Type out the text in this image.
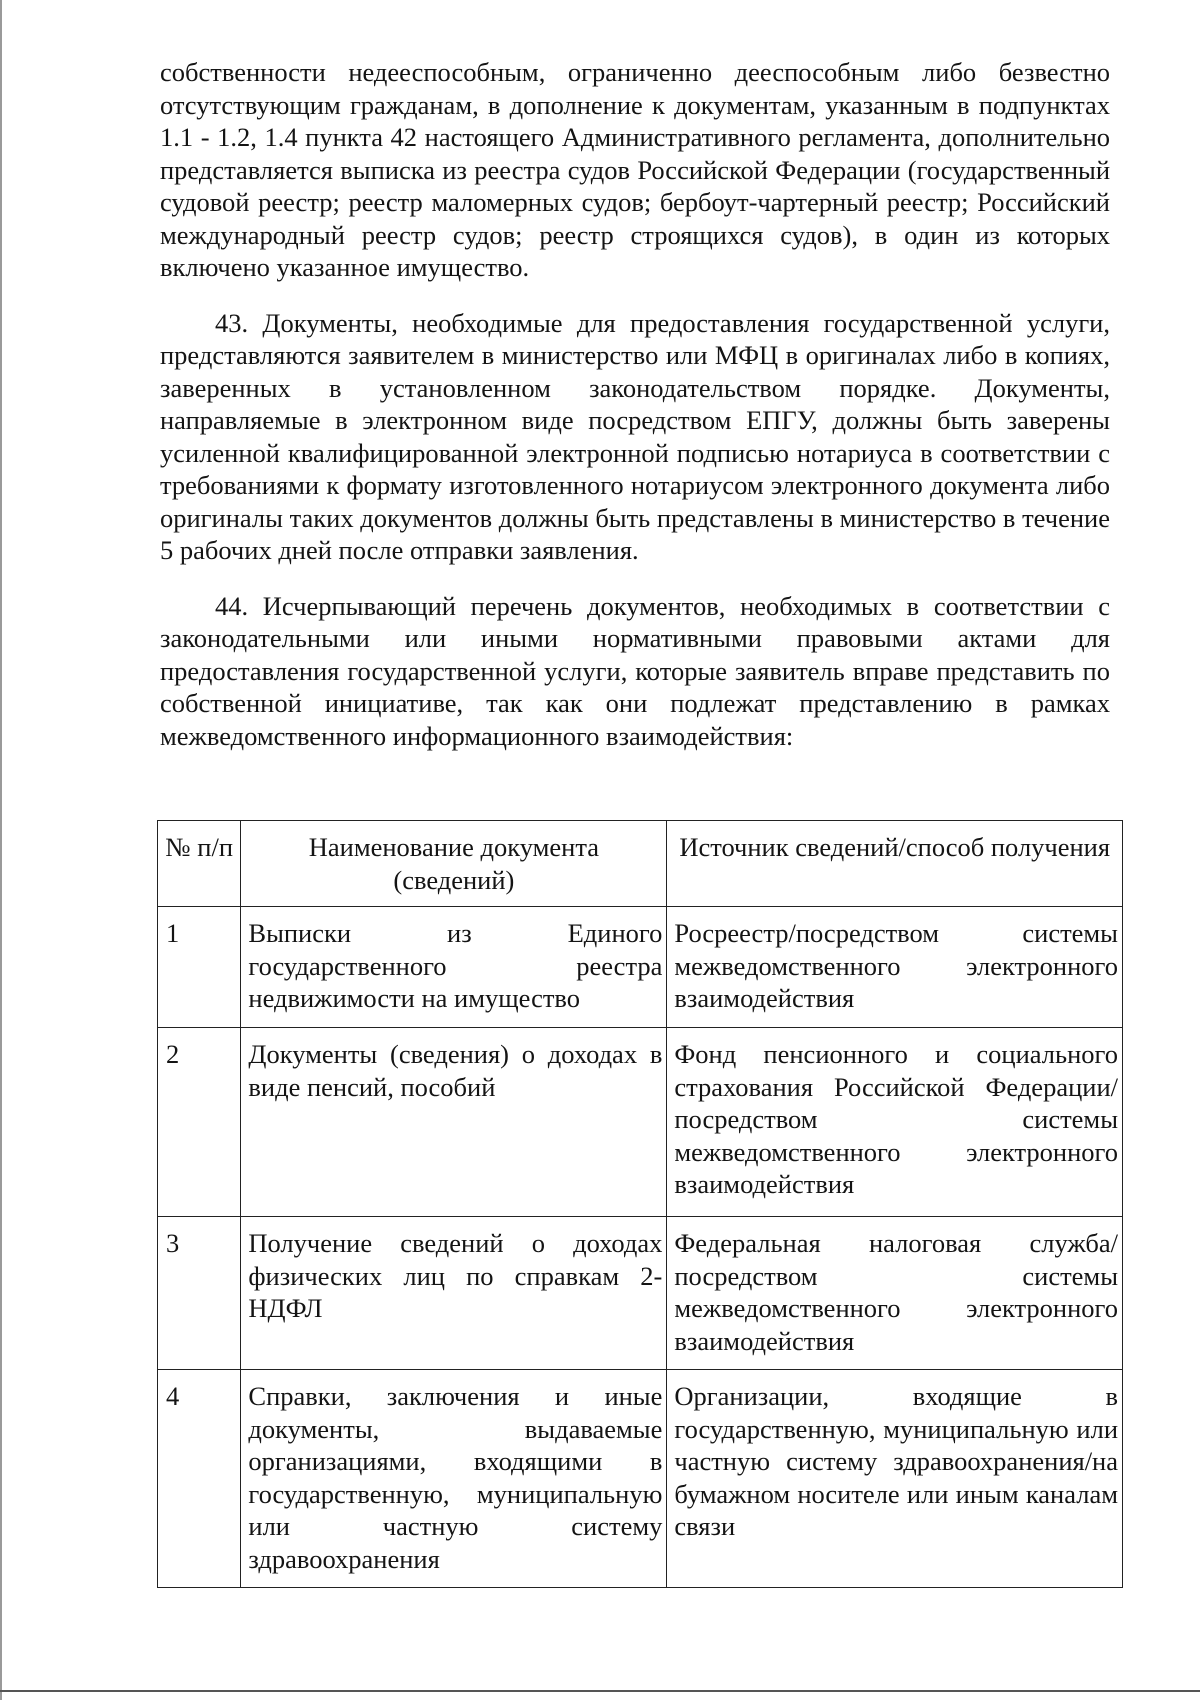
собственности недееспособным, ограниченно дееспособным либо безвестно отсутствующим гражданам, в дополнение к документам, указанным в подпунктах 1.1 - 1.2, 1.4 пункта 42 настоящего Административного регламента, дополнительно представляется выписка из реестра судов Российской Федерации (государственный судовой реестр; реестр маломерных судов; бербоут-чартерный реестр; Российский международный реестр судов; реестр строящихся судов), в один из которых включено указанное имущество.

43. Документы, необходимые для предоставления государственной услуги, представляются заявителем в министерство или МФЦ в оригиналах либо в копиях, заверенных в установленном законодательством порядке. Документы, направляемые в электронном виде посредством ЕПГУ, должны быть заверены усиленной квалифицированной электронной подписью нотариуса в соответствии с требованиями к формату изготовленного нотариусом электронного документа либо оригиналы таких документов должны быть представлены в министерство в течение 5 рабочих дней после отправки заявления.

44. Исчерпывающий перечень документов, необходимых в соответствии с законодательными или иными нормативными правовыми актами для предоставления государственной услуги, которые заявитель вправе представить по собственной инициативе, так как они подлежат представлению в рамках межведомственного информационного взаимодействия:

№ п/п	Наименование документа (сведений)	Источник сведений/способ получения
1	Выписки из Единого государственного реестра недвижимости на имущество	Росреестр/посредством системы межведомственного электронного взаимодействия
2	Документы (сведения) о доходах в виде пенсий, пособий	Фонд пенсионного и социального страхования Российской Федерации/посредством системы межведомственного электронного взаимодействия
3	Получение сведений о доходах физических лиц по справкам 2-НДФЛ	Федеральная налоговая служба/посредством системы межведомственного электронного взаимодействия
4	Справки, заключения и иные документы, выдаваемые организациями, входящими в государственную, муниципальную или частную систему здравоохранения	Организации, входящие в государственную, муниципальную или частную систему здравоохранения/на бумажном носителе или иным каналам связи
